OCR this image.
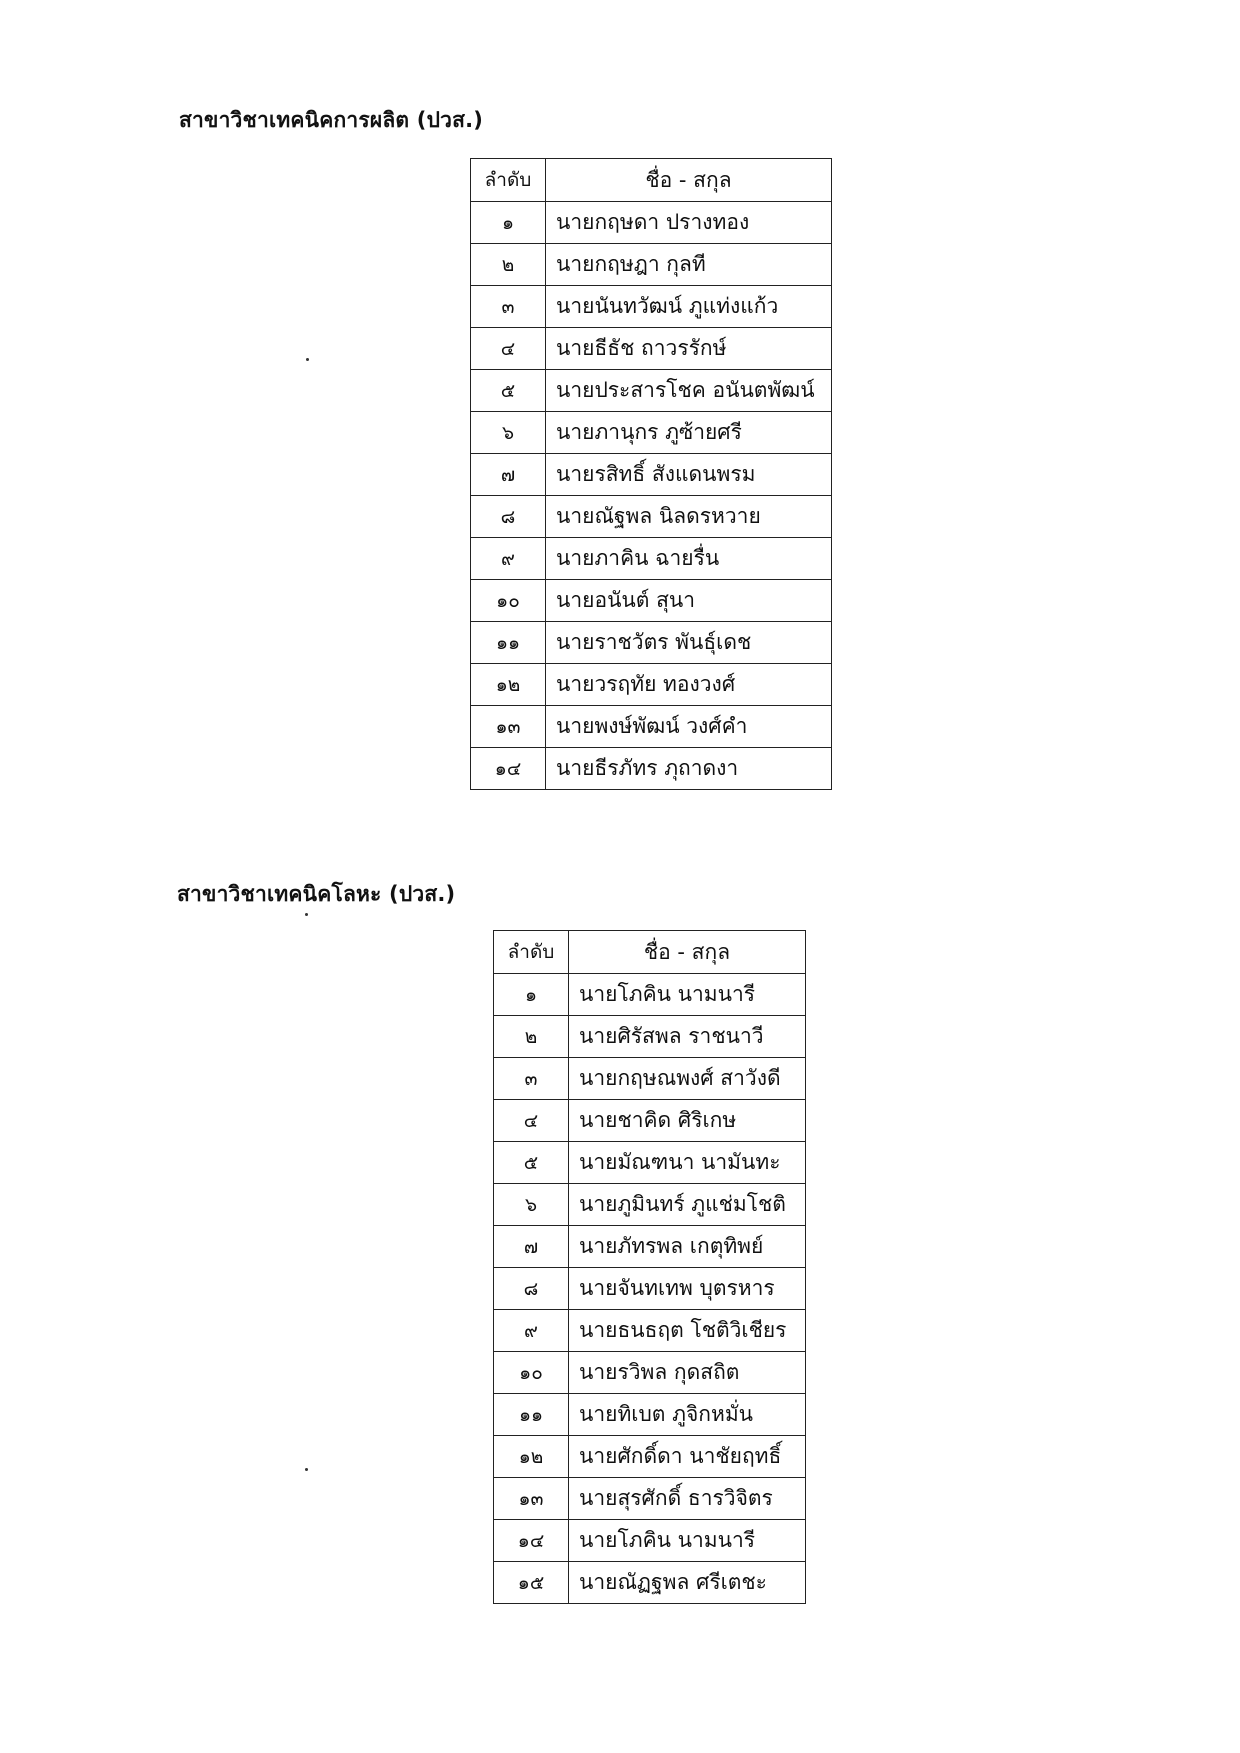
สาขาวิชาเทคนิคการผลิต (ปวส.)
ลำดับ	ชื่อ - สกุล
๑	นายกฤษดา ปรางทอง
๒	นายกฤษฎา กุลที
๓	นายนันทวัฒน์ ภูแท่งแก้ว
๔	นายธีธัช ถาวรรักษ์
๕	นายประสารโชค อนันตพัฒน์
๖	นายภานุกร ภูซ้ายศรี
๗	นายรสิทธิ์ สังแดนพรม
๘	นายณัฐพล นิลดรหวาย
๙	นายภาคิน ฉายรื่น
๑๐	นายอนันต์ สุนา
๑๑	นายราชวัตร พันธุ์เดช
๑๒	นายวรฤทัย ทองวงศ์
๑๓	นายพงษ์พัฒน์ วงศ์คำ
๑๔	นายธีรภัทร ภุถาดงา
สาขาวิชาเทคนิคโลหะ (ปวส.)
ลำดับ	ชื่อ - สกุล
๑	นายโภคิน นามนารี
๒	นายศิรัสพล ราชนาวี
๓	นายกฤษณพงศ์ สาวังดี
๔	นายชาคิด ศิริเกษ
๕	นายมัณฑนา นามันทะ
๖	นายภูมินทร์ ภูแช่มโชติ
๗	นายภัทรพล เกตุทิพย์
๘	นายจันทเทพ บุตรหาร
๙	นายธนธฤต โชติวิเชียร
๑๐	นายรวิพล กุดสถิต
๑๑	นายทิเบต ภูจิกหมั่น
๑๒	นายศักดิ์ดา นาชัยฤทธิ์
๑๓	นายสุรศักดิ์ ธารวิจิตร
๑๔	นายโภคิน นามนารี
๑๕	นายณัฏฐพล ศรีเตชะ
